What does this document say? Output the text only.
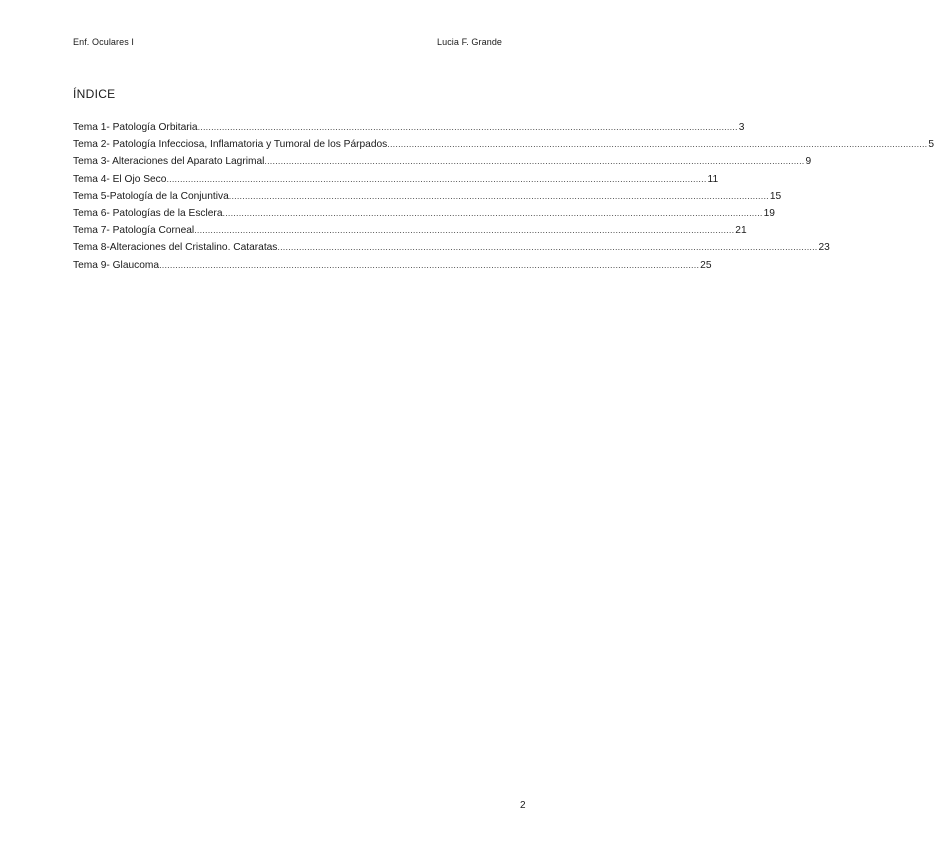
Enf. Oculares I	Lucia F. Grande
ÍNDICE
Tema 1- Patología Orbitaria ........................................................................................................................................................................................................ 3
Tema 2- Patología Infecciosa, Inflamatoria y Tumoral de los Párpados ........................................................................................................................................................................................................ 5
Tema 3- Alteraciones del Aparato Lagrimal ........................................................................................................................................................................................................ 9
Tema 4- El Ojo Seco ........................................................................................................................................................................................................ 11
Tema 5-Patología de la Conjuntiva ........................................................................................................................................................................................................ 15
Tema 6- Patologías de la Esclera ........................................................................................................................................................................................................ 19
Tema 7- Patología Corneal ........................................................................................................................................................................................................ 21
Tema 8-Alteraciones del Cristalino. Cataratas ........................................................................................................................................................................................................ 23
Tema 9- Glaucoma ........................................................................................................................................................................................................ 25
2
